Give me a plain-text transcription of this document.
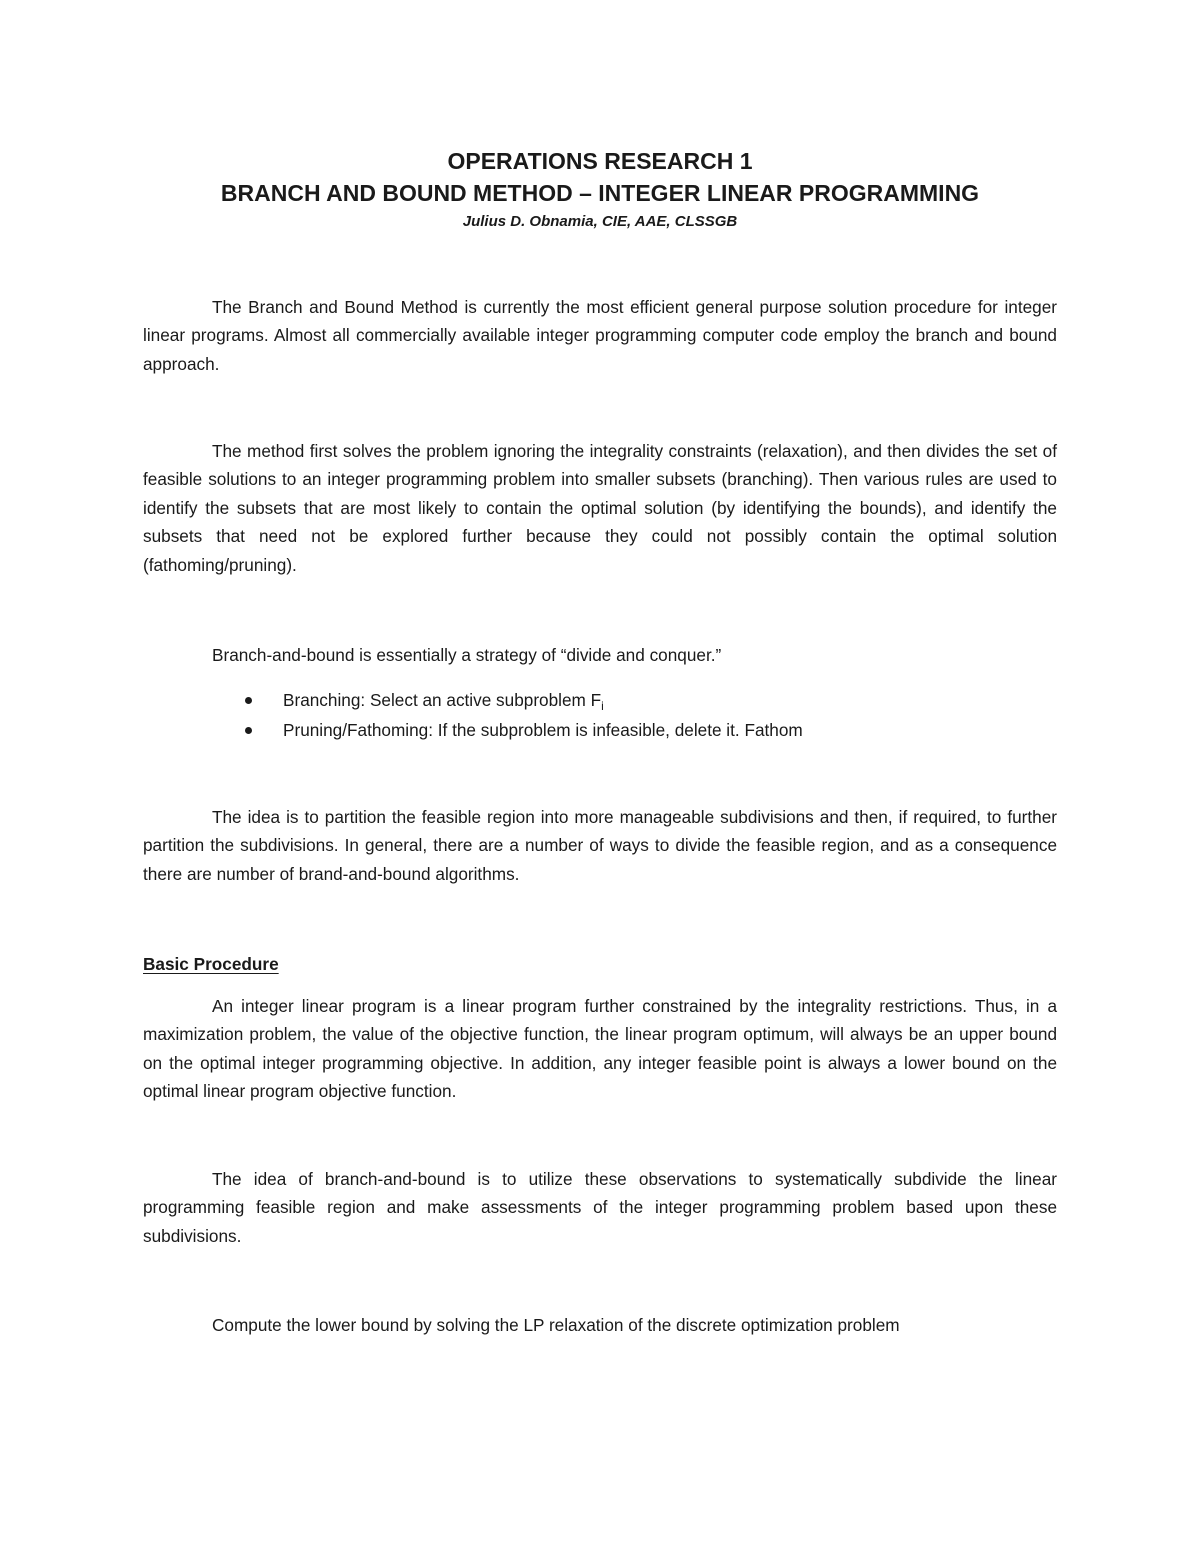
OPERATIONS RESEARCH 1
BRANCH AND BOUND METHOD – INTEGER LINEAR PROGRAMMING
Julius D. Obnamia, CIE, AAE, CLSSGB

The Branch and Bound Method is currently the most efficient general purpose solution procedure for integer linear programs. Almost all commercially available integer programming computer code employ the branch and bound approach.

The method first solves the problem ignoring the integrality constraints (relaxation), and then divides the set of feasible solutions to an integer programming problem into smaller subsets (branching). Then various rules are used to identify the subsets that are most likely to contain the optimal solution (by identifying the bounds), and identify the subsets that need not be explored further because they could not possibly contain the optimal solution (fathoming/pruning).

Branch-and-bound is essentially a strategy of “divide and conquer.”
Branching: Select an active subproblem $F_i$
Pruning/Fathoming: If the subproblem is infeasible, delete it. Fathom

The idea is to partition the feasible region into more manageable subdivisions and then, if required, to further partition the subdivisions. In general, there are a number of ways to divide the feasible region, and as a consequence there are number of brand-and-bound algorithms.

Basic Procedure

An integer linear program is a linear program further constrained by the integrality restrictions. Thus, in a maximization problem, the value of the objective function, the linear program optimum, will always be an upper bound on the optimal integer programming objective. In addition, any integer feasible point is always a lower bound on the optimal linear program objective function.

The idea of branch-and-bound is to utilize these observations to systematically subdivide the linear programming feasible region and make assessments of the integer programming problem based upon these subdivisions.

Compute the lower bound by solving the LP relaxation of the discrete optimization problem
